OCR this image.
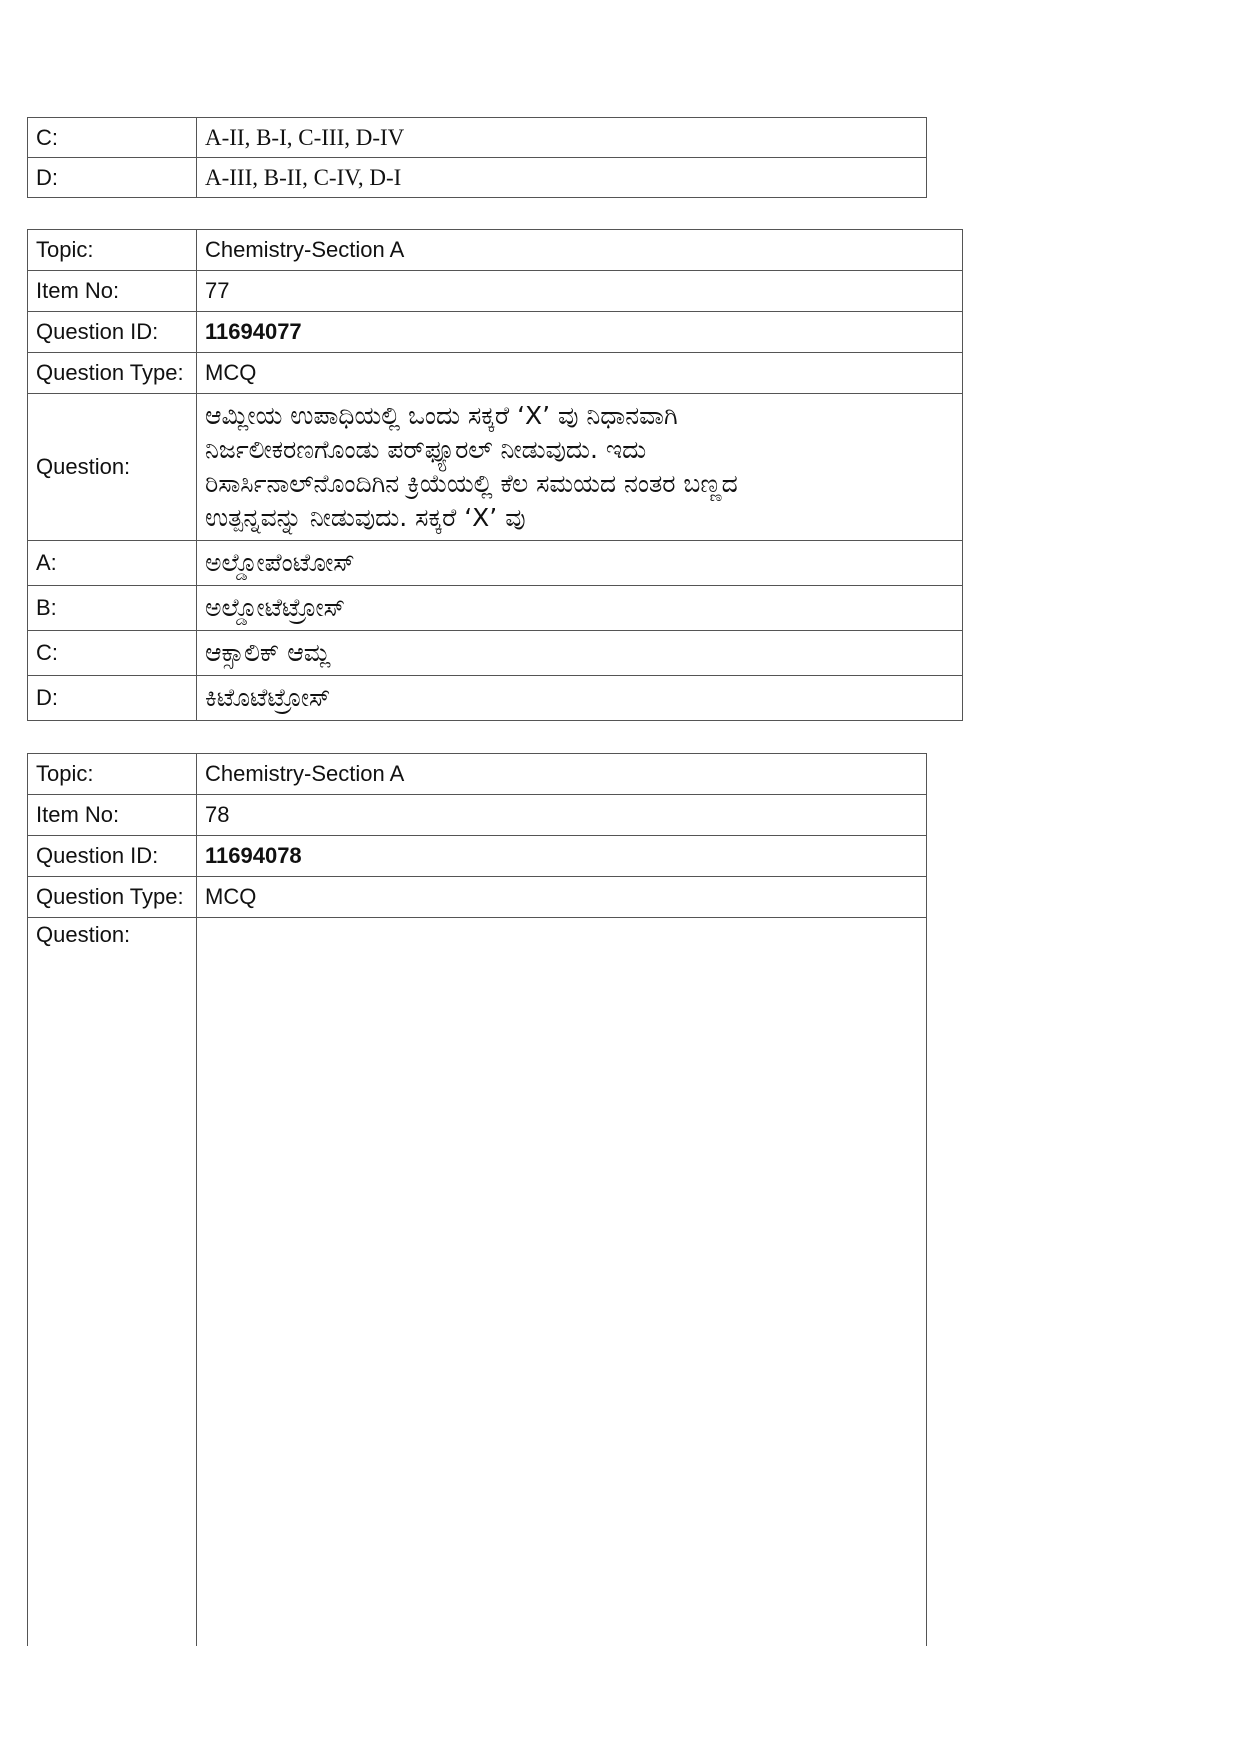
C:	A-II, B-I, C-III, D-IV
D:	A-III, B-II, C-IV, D-I
Topic:	Chemistry-Section A
Item No:	77
Question ID:	11694077
Question Type:	MCQ
Question:	ಆಮ್ಲೀಯ ಉಪಾಧಿಯಲ್ಲಿ ಒಂದು ಸಕ್ಕರೆ ‘X’ ವು ನಿಧಾನವಾಗಿ
ನಿರ್ಜಲೀಕರಣಗೊಂಡು ಪರ್‌ಫ್ಯೂರಲ್ ನೀಡುವುದು. ಇದು
ರಿಸಾರ್ಸಿನಾಲ್‌ನೊಂದಿಗಿನ ಕ್ರಿಯೆಯಲ್ಲಿ ಕೆಲ ಸಮಯದ ನಂತರ ಬಣ್ಣದ
ಉತ್ಪನ್ನವನ್ನು ನೀಡುವುದು. ಸಕ್ಕರೆ ‘X’ ವು

A:	ಅಲ್ಡೋಪೆಂಟೋಸ್
B:	ಅಲ್ಡೋಟೆಟ್ರೋಸ್
C:	ಆಕ್ಸಾಲಿಕ್ ಆಮ್ಲ
D:	ಕಿಟೊಟೆಟ್ರೋಸ್
Topic:	Chemistry-Section A
Item No:	78
Question ID:	11694078
Question Type:	MCQ
Question:	
